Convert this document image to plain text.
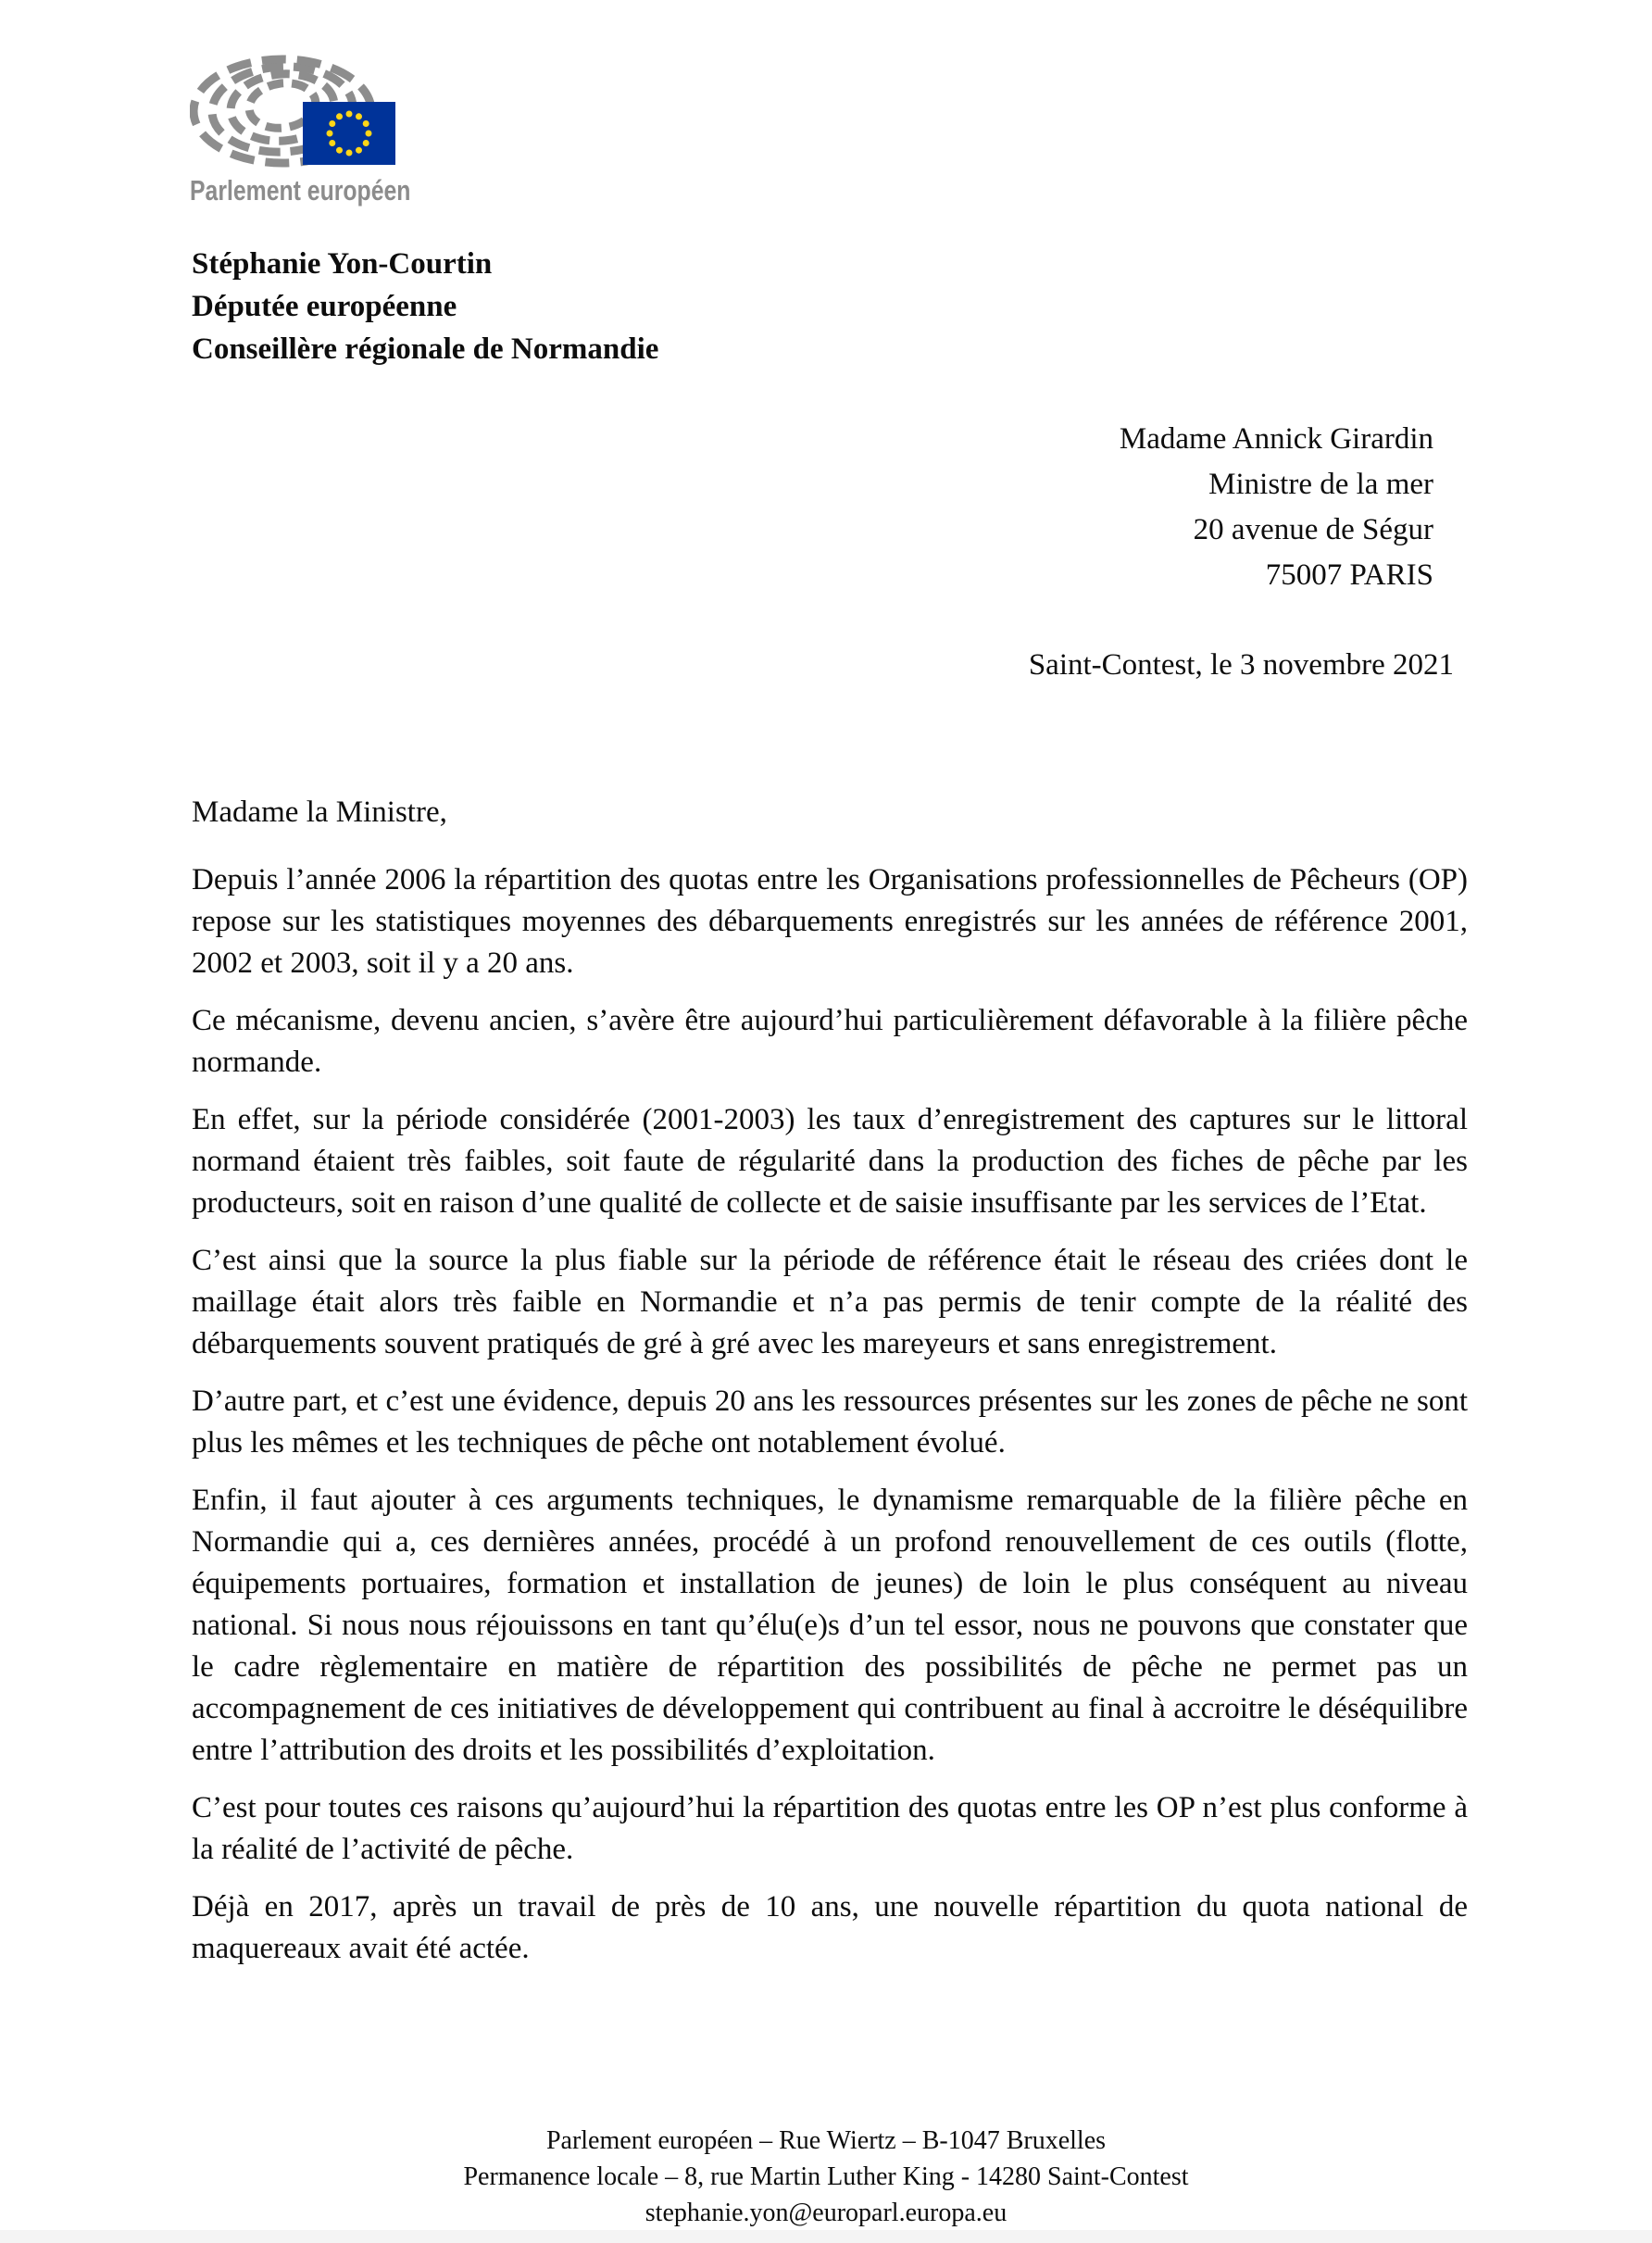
Parlement européen
Stéphanie Yon-Courtin
Députée européenne
Conseillère régionale de Normandie
Madame Annick Girardin
Ministre de la mer
20 avenue de Ségur
75007 PARIS
Saint-Contest, le 3 novembre 2021
Madame la Ministre,

Depuis l’année 2006 la répartition des quotas entre les Organisations professionnelles de Pêcheurs (OP) repose sur les statistiques moyennes des débarquements enregistrés sur les années de référence 2001, 2002 et 2003, soit il y a 20 ans.

Ce mécanisme, devenu ancien, s’avère être aujourd’hui particulièrement défavorable à la filière pêche normande.

En effet, sur la période considérée (2001-2003) les taux d’enregistrement des captures sur le littoral normand étaient très faibles, soit faute de régularité dans la production des fiches de pêche par les producteurs, soit en raison d’une qualité de collecte et de saisie insuffisante par les services de l’Etat.

C’est ainsi que la source la plus fiable sur la période de référence était le réseau des criées dont le maillage était alors très faible en Normandie et n’a pas permis de tenir compte de la réalité des débarquements souvent pratiqués de gré à gré avec les mareyeurs et sans enregistrement.

D’autre part, et c’est une évidence, depuis 20 ans les ressources présentes sur les zones de pêche ne sont plus les mêmes et les techniques de pêche ont notablement évolué.

Enfin, il faut ajouter à ces arguments techniques, le dynamisme remarquable de la filière pêche en Normandie qui a, ces dernières années, procédé à un profond renouvellement de ces outils (flotte, équipements portuaires, formation et installation de jeunes) de loin le plus conséquent au niveau national. Si nous nous réjouissons en tant qu’élu(e)s d’un tel essor, nous ne pouvons que constater que le cadre règlementaire en matière de répartition des possibilités de pêche ne permet pas un accompagnement de ces initiatives de développement qui contribuent au final à accroitre le déséquilibre entre l’attribution des droits et les possibilités d’exploitation.

C’est pour toutes ces raisons qu’aujourd’hui la répartition des quotas entre les OP n’est plus conforme à la réalité de l’activité de pêche.

Déjà en 2017, après un travail de près de 10 ans, une nouvelle répartition du quota national de maquereaux avait été actée.

Parlement européen – Rue Wiertz – B-1047 Bruxelles
Permanence locale – 8, rue Martin Luther King - 14280 Saint-Contest
stephanie.yon@europarl.europa.eu
